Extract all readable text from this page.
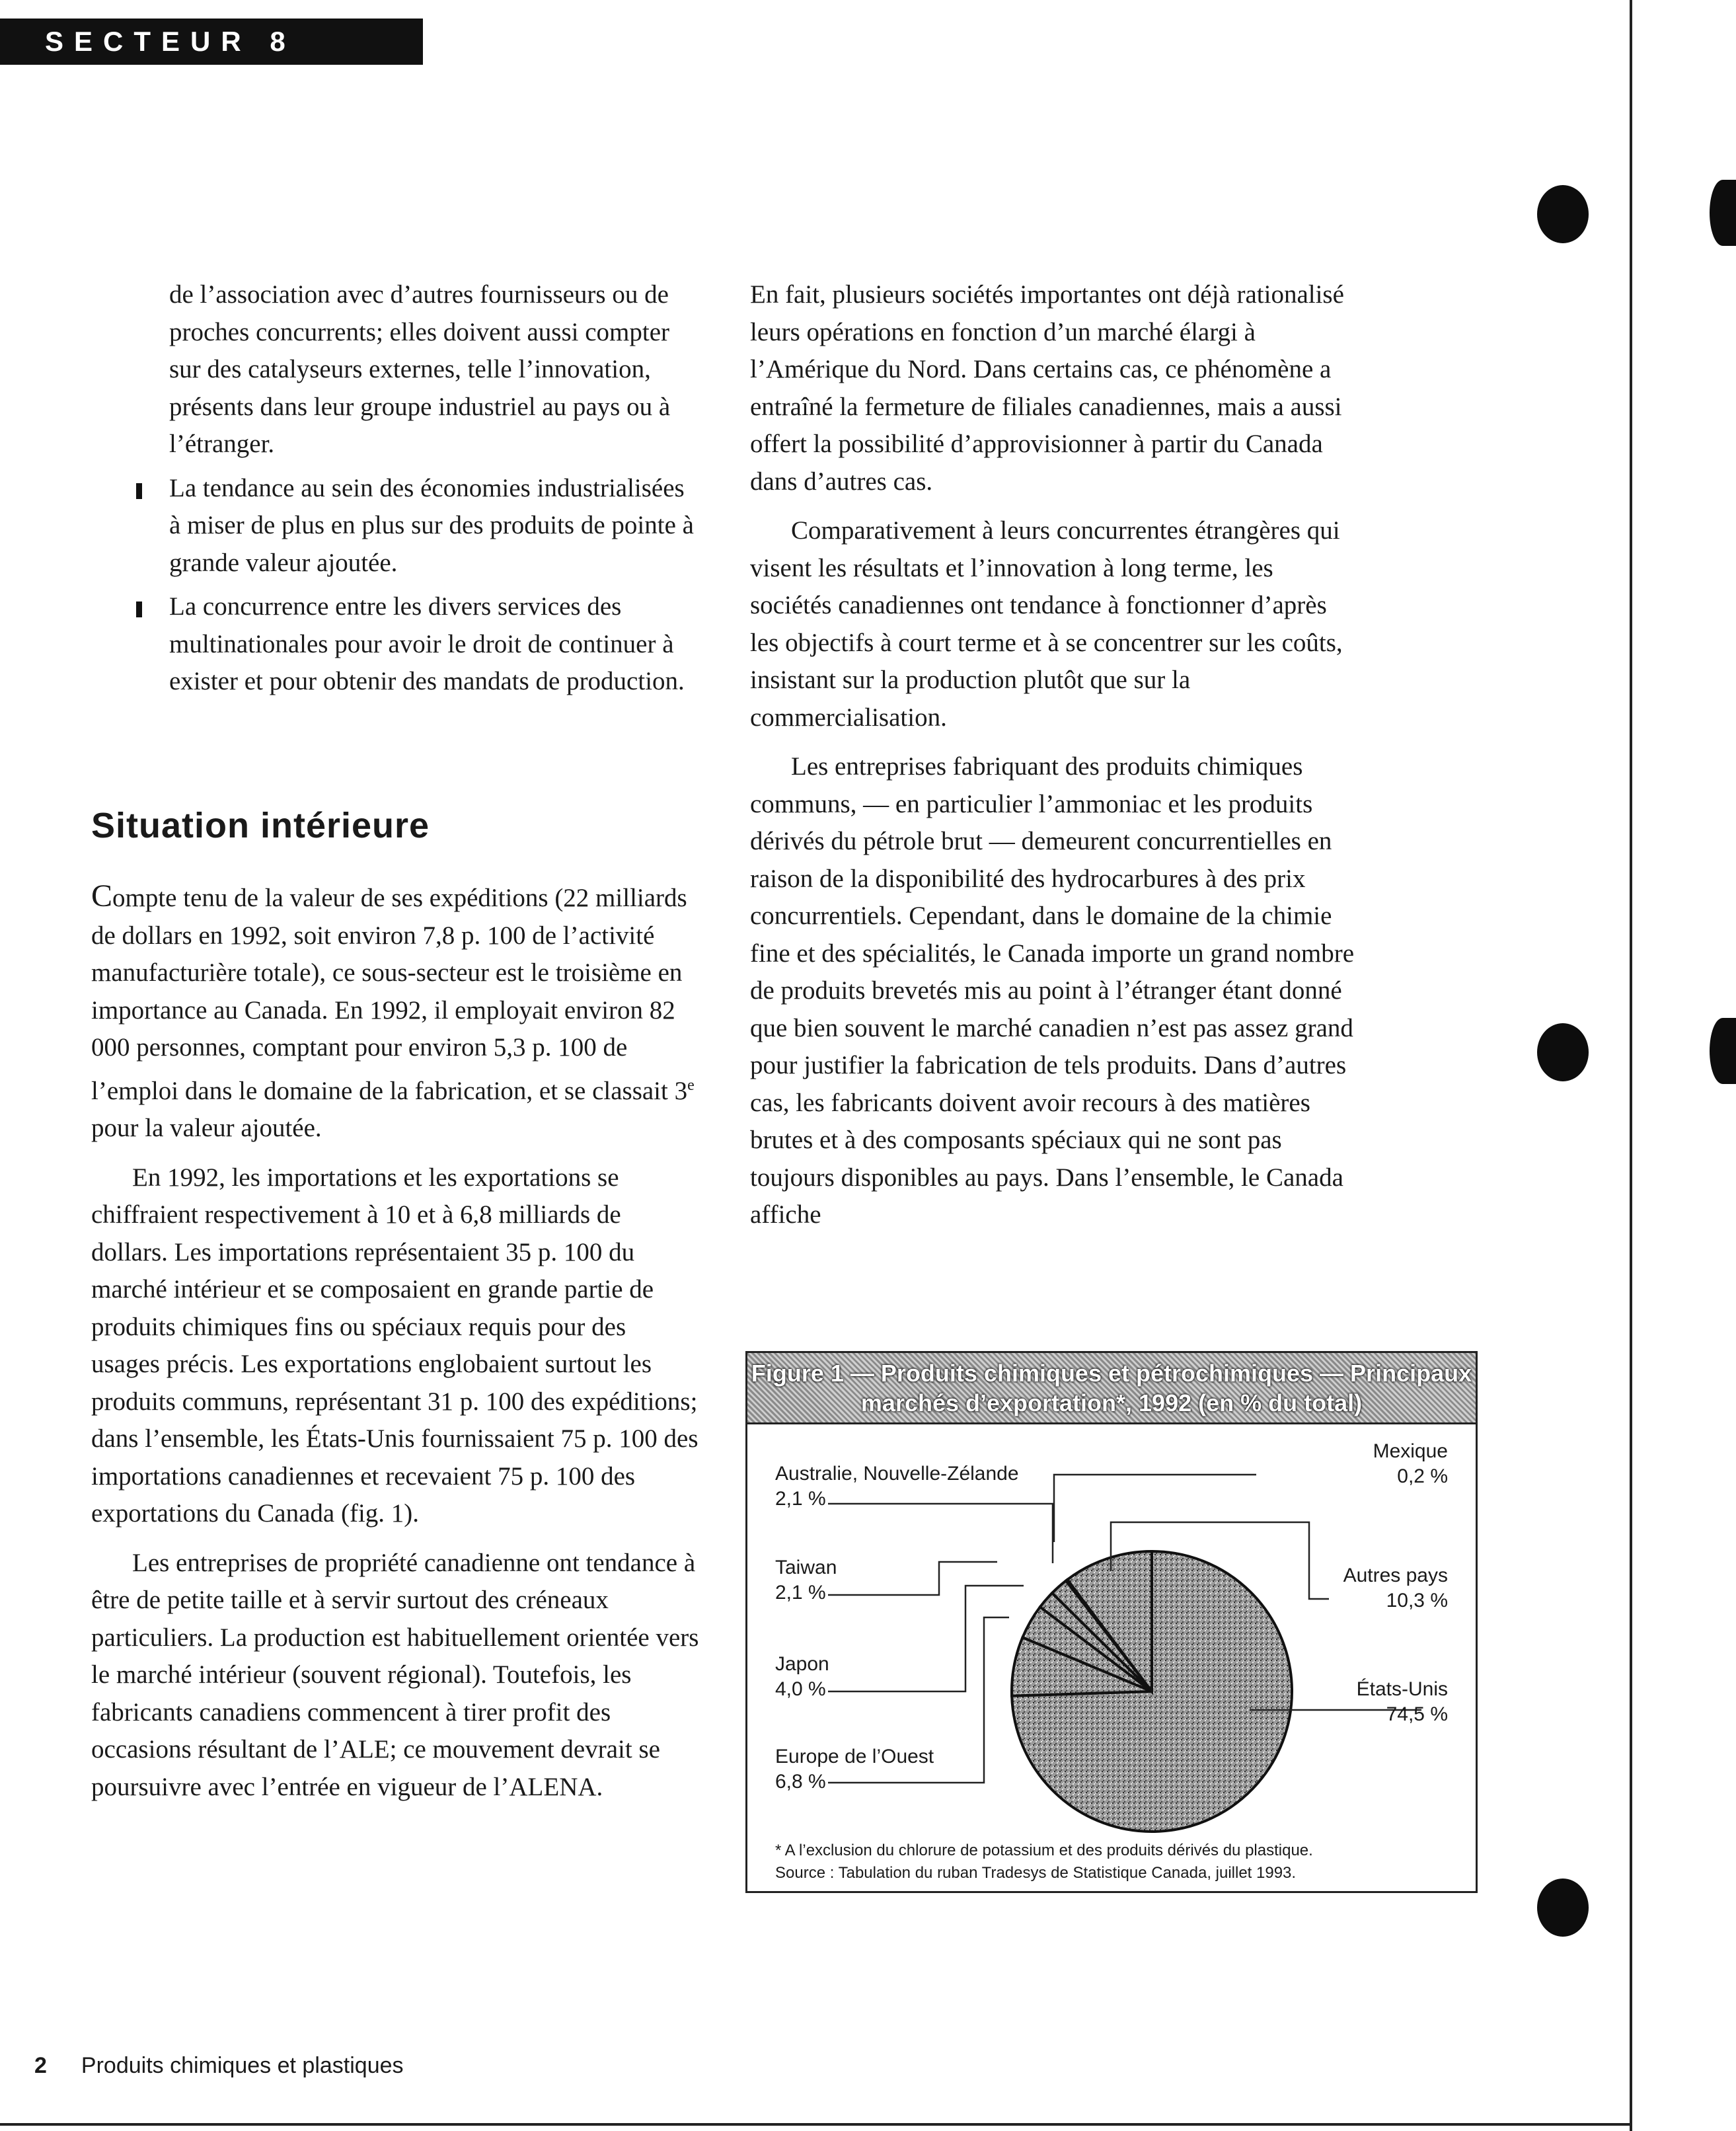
SECTEUR 8

de l’association avec d’autres fournisseurs ou de proches concurrents; elles doivent aussi compter sur des catalyseurs externes, telle l’innovation, présents dans leur groupe industriel au pays ou à l’étranger.

La tendance au sein des économies industrialisées à miser de plus en plus sur des produits de pointe à grande valeur ajoutée.

La concurrence entre les divers services des multinationales pour avoir le droit de continuer à exister et pour obtenir des mandats de production.

Situation intérieure

Compte tenu de la valeur de ses expéditions (22 milliards de dollars en 1992, soit environ 7,8 p. 100 de l’activité manufacturière totale), ce sous-secteur est le troisième en importance au Canada. En 1992, il employait environ 82 000 personnes, comptant pour environ 5,3 p. 100 de l’emploi dans le domaine de la fabrication, et se classait 3e pour la valeur ajoutée.

En 1992, les importations et les exportations se chiffraient respectivement à 10 et à 6,8 milliards de dollars. Les importations représentaient 35 p. 100 du marché intérieur et se composaient en grande partie de produits chimiques fins ou spéciaux requis pour des usages précis. Les exportations englobaient surtout les produits communs, représentant 31 p. 100 des expéditions; dans l’ensemble, les États-Unis fournissaient 75 p. 100 des importations canadiennes et recevaient 75 p. 100 des exportations du Canada (fig. 1).

Les entreprises de propriété canadienne ont tendance à être de petite taille et à servir surtout des créneaux particuliers. La production est habituellement orientée vers le marché intérieur (souvent régional). Toutefois, les fabricants canadiens commencent à tirer profit des occasions résultant de l’ALE; ce mouvement devrait se poursuivre avec l’entrée en vigueur de l’ALENA.

En fait, plusieurs sociétés importantes ont déjà rationalisé leurs opérations en fonction d’un marché élargi à l’Amérique du Nord. Dans certains cas, ce phénomène a entraîné la fermeture de filiales canadiennes, mais a aussi offert la possibilité d’approvisionner à partir du Canada dans d’autres cas.

Comparativement à leurs concurrentes étrangères qui visent les résultats et l’innovation à long terme, les sociétés canadiennes ont tendance à fonctionner d’après les objectifs à court terme et à se concentrer sur les coûts, insistant sur la production plutôt que sur la commercialisation.

Les entreprises fabriquant des produits chimiques communs, — en particulier l’ammoniac et les produits dérivés du pétrole brut — demeurent concurrentielles en raison de la disponibilité des hydrocarbures à des prix concurrentiels. Cependant, dans le domaine de la chimie fine et des spécialités, le Canada importe un grand nombre de produits brevetés mis au point à l’étranger étant donné que bien souvent le marché canadien n’est pas assez grand pour justifier la fabrication de tels produits. Dans d’autres cas, les fabricants doivent avoir recours à des matières brutes et à des composants spéciaux qui ne sont pas toujours disponibles au pays. Dans l’ensemble, le Canada affiche

Figure 1 — Produits chimiques et pétrochimiques — Principaux
marchés d’exportation*, 1992 (en % du total)
Australie, Nouvelle-Zélande
2,1 %
Mexique
0,2 %
Taiwan
2,1 %
Autres pays
10,3 %
Japon
4,0 %	États-Unis
74,5 %
Europe de l’Ouest
6,8 %
* A l’exclusion du chlorure de potassium et des produits dérivés du plastique.
Source : Tabulation du ruban Tradesys de Statistique Canada, juillet 1993.
2 Produits chimiques et plastiques
